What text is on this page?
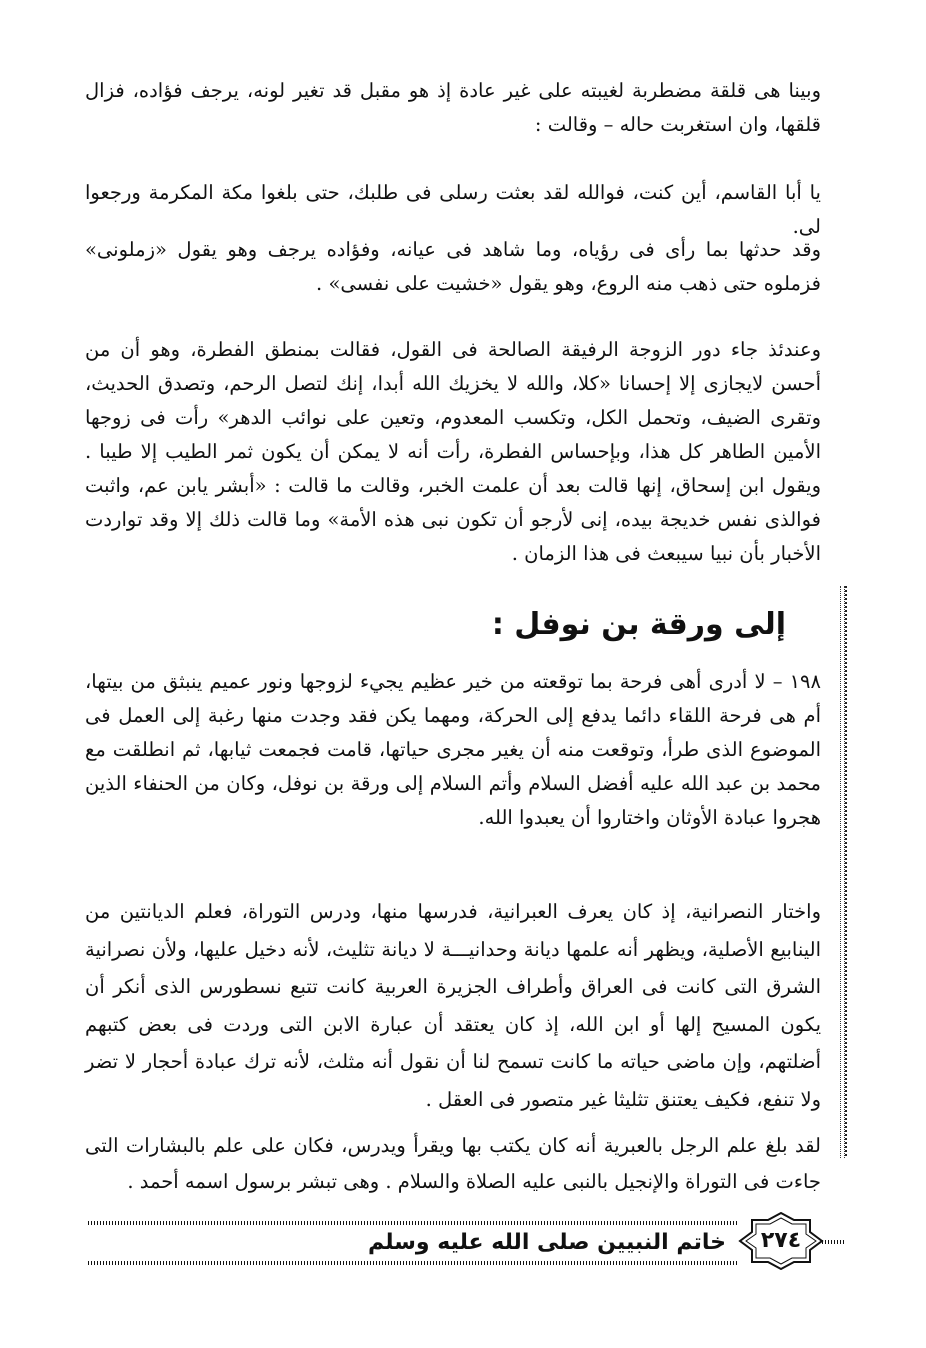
وبينا هى قلقة مضطربة لغيبته على غير عادة إذ هو مقبل قد تغير لونه، يرجف فؤاده، فزال قلقها، وان استغربت حاله – وقالت :

يا أبا القاسم، أين كنت، فوالله لقد بعثت رسلى فى طلبك، حتى بلغوا مكة المكرمة ورجعوا لى.

وقد حدثها بما رأى فى رؤياه، وما شاهد فى عيانه، وفؤاده يرجف وهو يقول «زملونى» فزملوه حتى ذهب منه الروع، وهو يقول «خشيت على نفسى» .

وعندئذ جاء دور الزوجة الرفيقة الصالحة فى القول، فقالت بمنطق الفطرة، وهو أن من أحسن لايجازى إلا إحسانا «كلا، والله لا يخزيك الله أبدا، إنك لتصل الرحم، وتصدق الحديث، وتقرى الضيف، وتحمل الكل، وتكسب المعدوم، وتعين على نوائب الدهر» رأت فى زوجها الأمين الطاهر كل هذا، وبإحساس الفطرة، رأت أنه لا يمكن أن يكون ثمر الطيب إلا طيبا . ويقول ابن إسحاق، إنها قالت بعد أن علمت الخبر، وقالت ما قالت : «أبشر يابن عم، واثبت فوالذى نفس خديجة بيده، إنى لأرجو أن تكون نبى هذه الأمة» وما قالت ذلك إلا وقد تواردت الأخبار بأن نبيا سيبعث فى هذا الزمان .

إلى ورقة بن نوفل :

١٩٨ – لا أدرى أهى فرحة بما توقعته من خير عظيم يجيء لزوجها ونور عميم ينبثق من بيتها، أم هى فرحة اللقاء دائما يدفع إلى الحركة، ومهما يكن فقد وجدت منها رغبة إلى العمل فى الموضوع الذى طرأ، وتوقعت منه أن يغير مجرى حياتها، قامت فجمعت ثيابها، ثم انطلقت مع محمد بن عبد الله عليه أفضل السلام وأتم السلام إلى ورقة بن نوفل، وكان من الحنفاء الذين هجروا عبادة الأوثان واختاروا أن يعبدوا الله.

واختار النصرانية، إذ كان يعرف العبرانية، فدرسها منها، ودرس التوراة، فعلم الديانتين من الينابيع الأصلية، ويظهر أنه علمها ديانة وحدانيـــة لا ديانة تثليث، لأنه دخيل عليها، ولأن نصرانية الشرق التى كانت فى العراق وأطراف الجزيرة العربية كانت تتبع نسطورس الذى أنكر أن يكون المسيح إلها أو ابن الله، إذ كان يعتقد أن عبارة الابن التى وردت فى بعض كتبهم أضلتهم، وإن ماضى حياته ما كانت تسمح لنا أن نقول أنه مثلث، لأنه ترك عبادة أحجار لا تضر ولا تنفع، فكيف يعتنق تثليثا غير متصور فى العقل .

لقد بلغ علم الرجل بالعبرية أنه كان يكتب بها ويقرأ ويدرس، فكان على علم بالبشارات التى جاءت فى التوراة والإنجيل بالنبى عليه الصلاة والسلام . وهى تبشر برسول اسمه أحمد .

خاتم النبيين صلى الله عليه وسلم	٢٧٤
